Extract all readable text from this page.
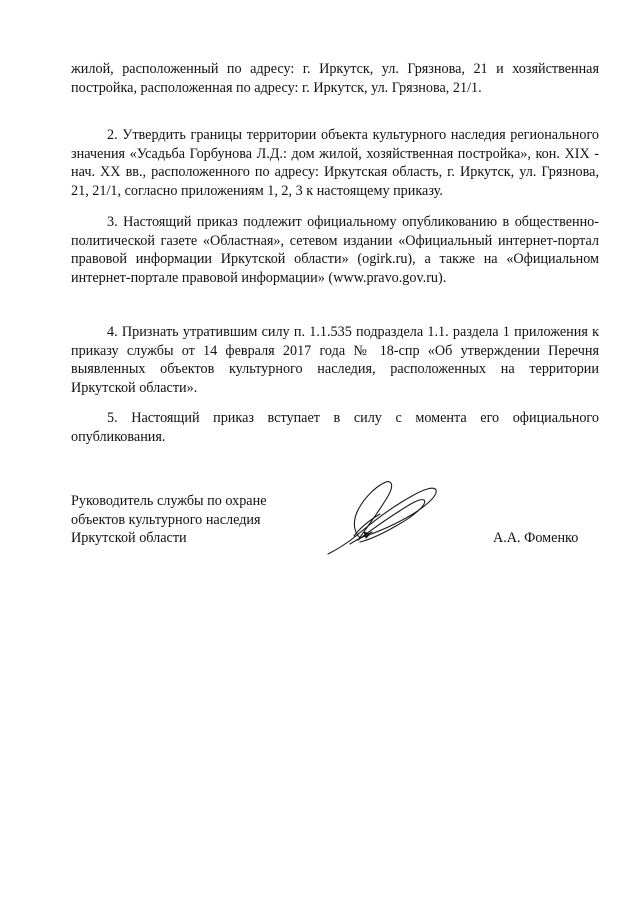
жилой, расположенный по адресу: г. Иркутск, ул. Грязнова, 21 и хозяйственная постройка, расположенная по адресу: г. Иркутск, ул. Грязнова, 21/1.

2. Утвердить границы территории объекта культурного наследия регионального значения «Усадьба Горбунова Л.Д.: дом жилой, хозяйственная постройка», кон. XIX - нач. XX вв., расположенного по адресу: Иркутская область, г. Иркутск, ул. Грязнова, 21, 21/1, согласно приложениям 1, 2, 3 к настоящему приказу.

3. Настоящий приказ подлежит официальному опубликованию в общественно-политической газете «Областная», сетевом издании «Официальный интернет-портал правовой информации Иркутской области» (ogirk.ru), а также на «Официальном интернет-портале правовой информации» (www.pravo.gov.ru).

4. Признать утратившим силу п. 1.1.535 подраздела 1.1. раздела 1 приложения к приказу службы от 14 февраля 2017 года № 18-спр «Об утверждении Перечня выявленных объектов культурного наследия, расположенных на территории Иркутской области».

5. Настоящий приказ вступает в силу с момента его официального опубликования.

Руководитель службы по охране
объектов культурного наследия
Иркутской области	А.А. Фоменко
